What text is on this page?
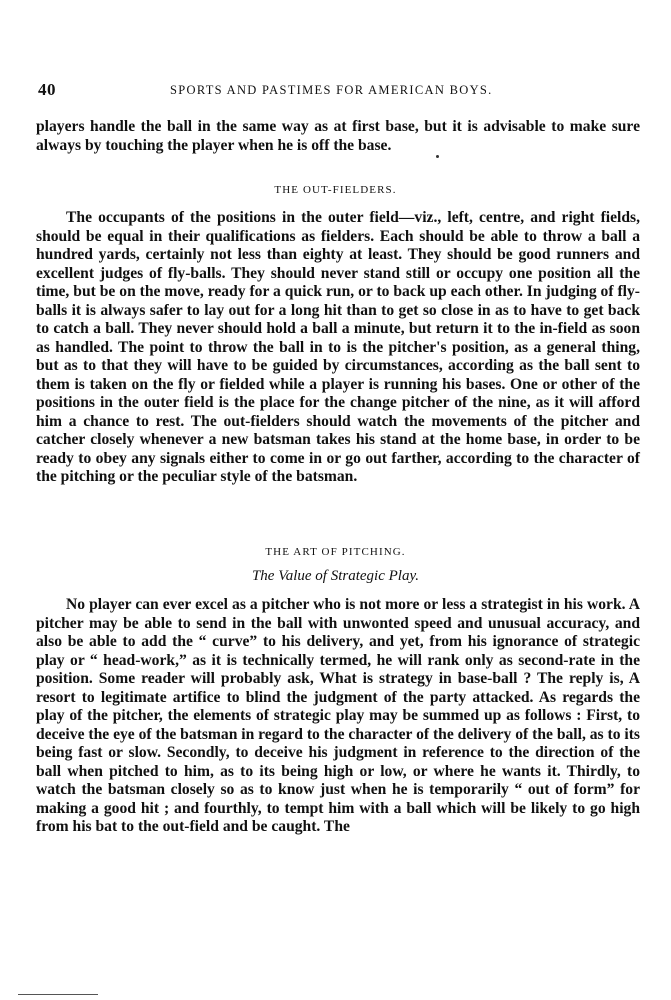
40	SPORTS AND PASTIMES FOR AMERICAN BOYS.

players handle the ball in the same way as at first base, but it is advisable to make sure always by touching the player when he is off the base.

THE OUT-FIELDERS.

The occupants of the positions in the outer field—viz., left, centre, and right fields, should be equal in their qualifications as fielders. Each should be able to throw a ball a hundred yards, certainly not less than eighty at least. They should be good runners and excellent judges of fly-balls. They should never stand still or occupy one position all the time, but be on the move, ready for a quick run, or to back up each other. In judging of fly-balls it is always safer to lay out for a long hit than to get so close in as to have to get back to catch a ball. They never should hold a ball a minute, but return it to the in-field as soon as handled. The point to throw the ball in to is the pitcher's position, as a general thing, but as to that they will have to be guided by circumstances, according as the ball sent to them is taken on the fly or fielded while a player is running his bases. One or other of the positions in the outer field is the place for the change pitcher of the nine, as it will afford him a chance to rest. The out-fielders should watch the movements of the pitcher and catcher closely whenever a new batsman takes his stand at the home base, in order to be ready to obey any signals either to come in or go out farther, according to the character of the pitching or the peculiar style of the batsman.

THE ART OF PITCHING.
The Value of Strategic Play.

No player can ever excel as a pitcher who is not more or less a strategist in his work. A pitcher may be able to send in the ball with unwonted speed and unusual accuracy, and also be able to add the “ curve” to his delivery, and yet, from his ignorance of strategic play or “ head-work,” as it is technically termed, he will rank only as second-rate in the position. Some reader will probably ask, What is strategy in base-ball ? The reply is, A resort to legitimate artifice to blind the judgment of the party attacked. As regards the play of the pitcher, the elements of strategic play may be summed up as follows : First, to deceive the eye of the batsman in regard to the character of the delivery of the ball, as to its being fast or slow. Secondly, to deceive his judgment in reference to the direction of the ball when pitched to him, as to its being high or low, or where he wants it. Thirdly, to watch the batsman closely so as to know just when he is temporarily “ out of form” for making a good hit ; and fourthly, to tempt him with a ball which will be likely to go high from his bat to the out-field and be caught. The
